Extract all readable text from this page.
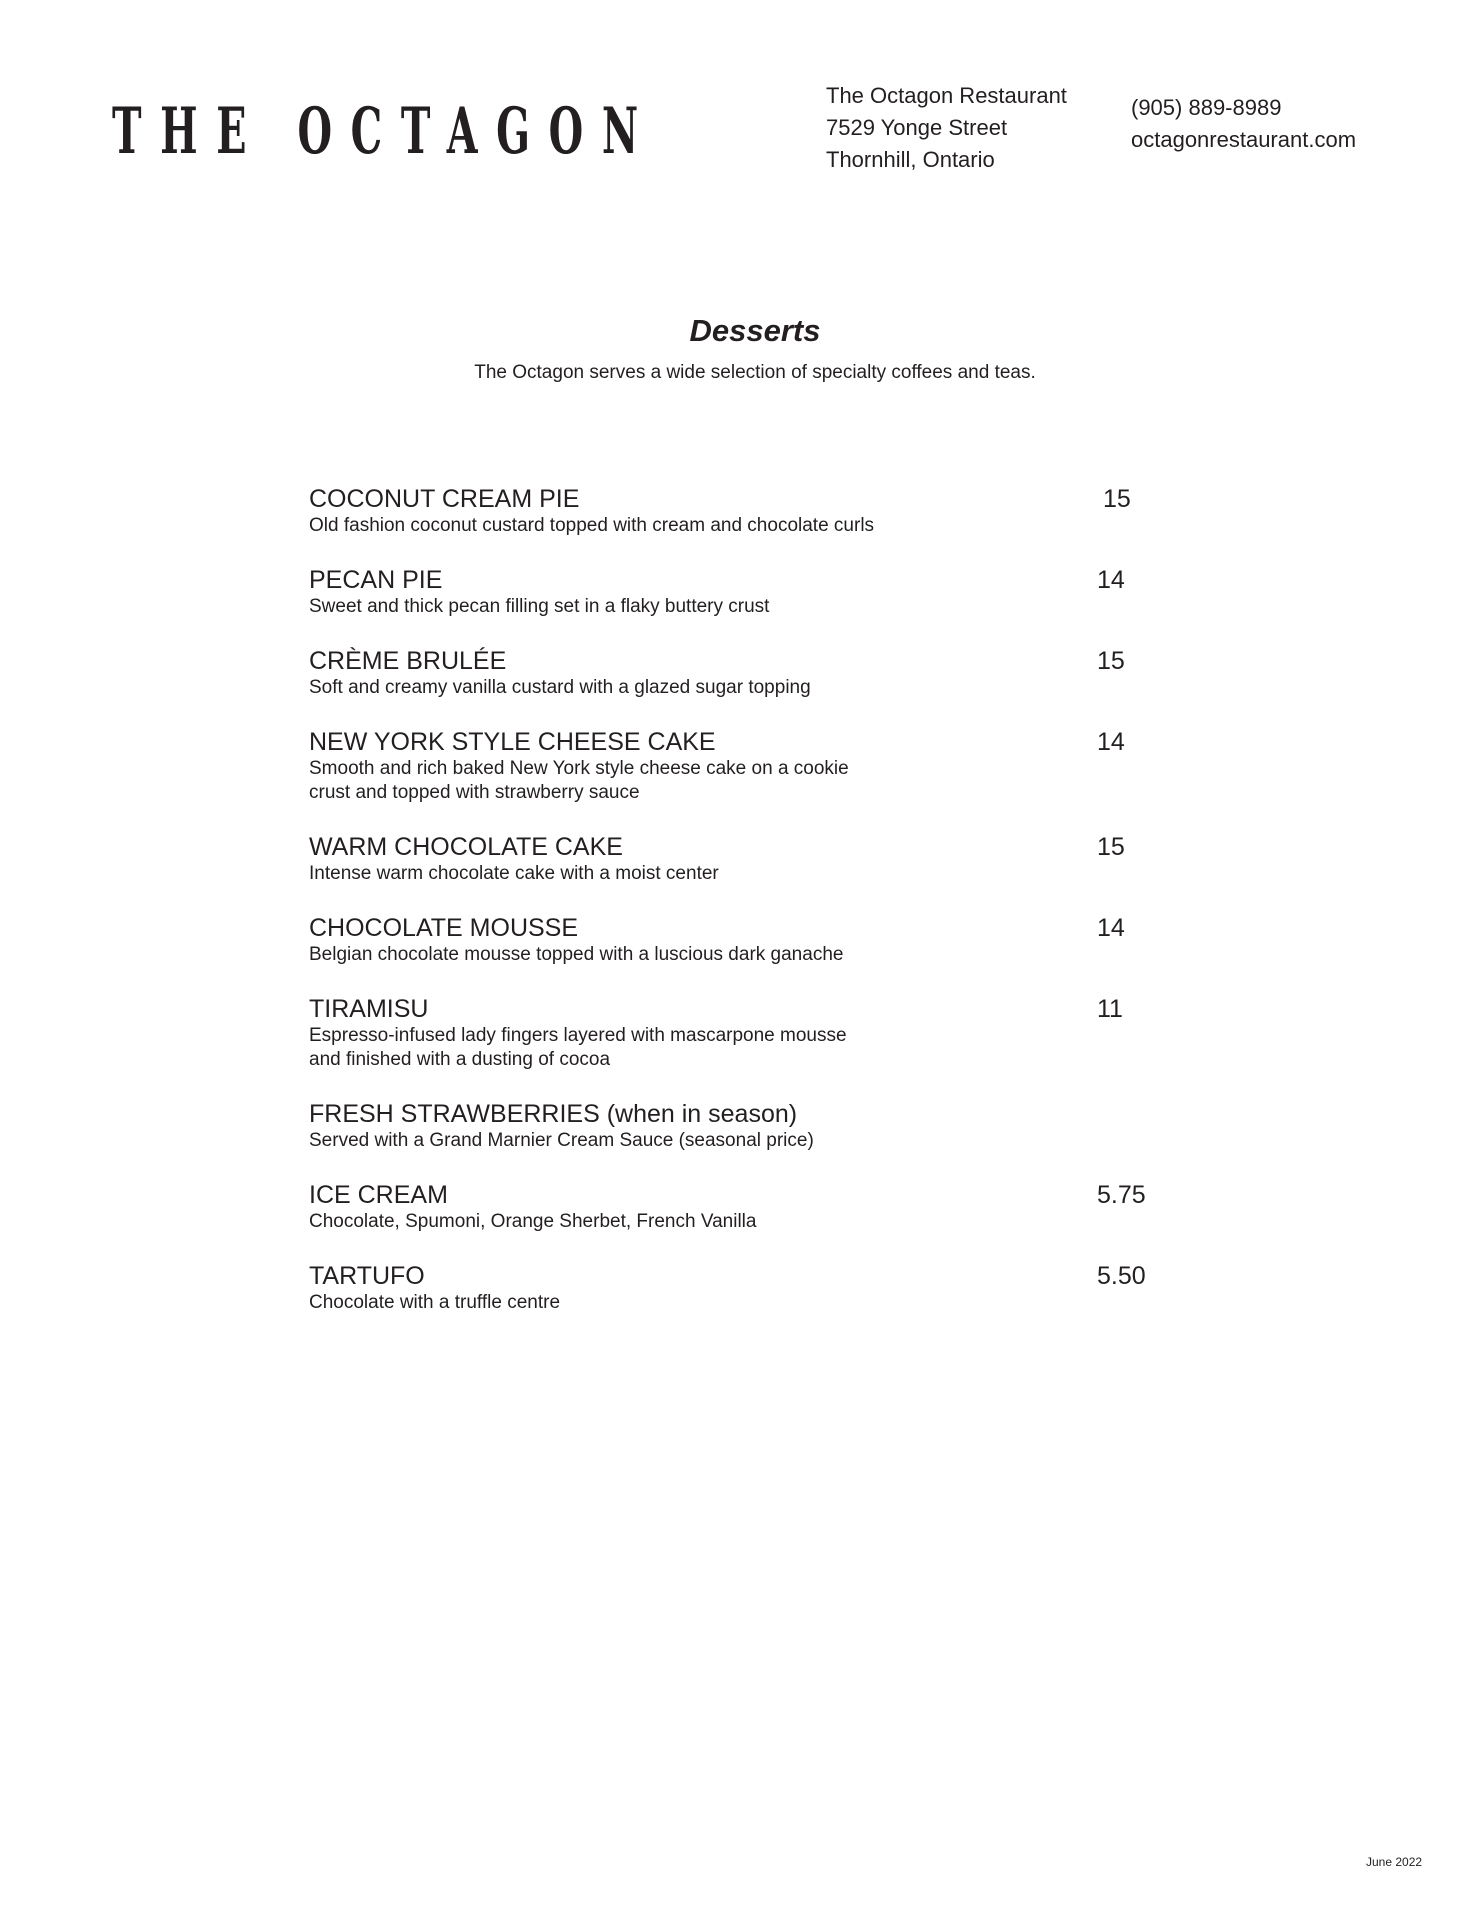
THE OCTAGON	The Octagon Restaurant
7529 Yonge Street
Thornhill, Ontario
(905) 889-8989
octagonrestaurant.com
Desserts
The Octagon serves a wide selection of specialty coffees and teas.
COCONUT CREAM PIE
Old fashion coconut custard topped with cream and chocolate curls
15
PECAN PIE
Sweet and thick pecan filling set in a flaky buttery crust
14
CRÈME BRULÉE
Soft and creamy vanilla custard with a glazed sugar topping
15
NEW YORK STYLE CHEESE CAKE
Smooth and rich baked New York style cheese cake on a cookie
crust and topped with strawberry sauce
14
WARM CHOCOLATE CAKE
Intense warm chocolate cake with a moist center
15
CHOCOLATE MOUSSE
Belgian chocolate mousse topped with a luscious dark ganache
14
TIRAMISU
Espresso-infused lady fingers layered with mascarpone mousse
and finished with a dusting of cocoa
11
FRESH STRAWBERRIES (when in season)
Served with a Grand Marnier Cream Sauce (seasonal price)
ICE CREAM
Chocolate, Spumoni, Orange Sherbet, French Vanilla
5.75
TARTUFO
Chocolate with a truffle centre
5.50
June 2022
